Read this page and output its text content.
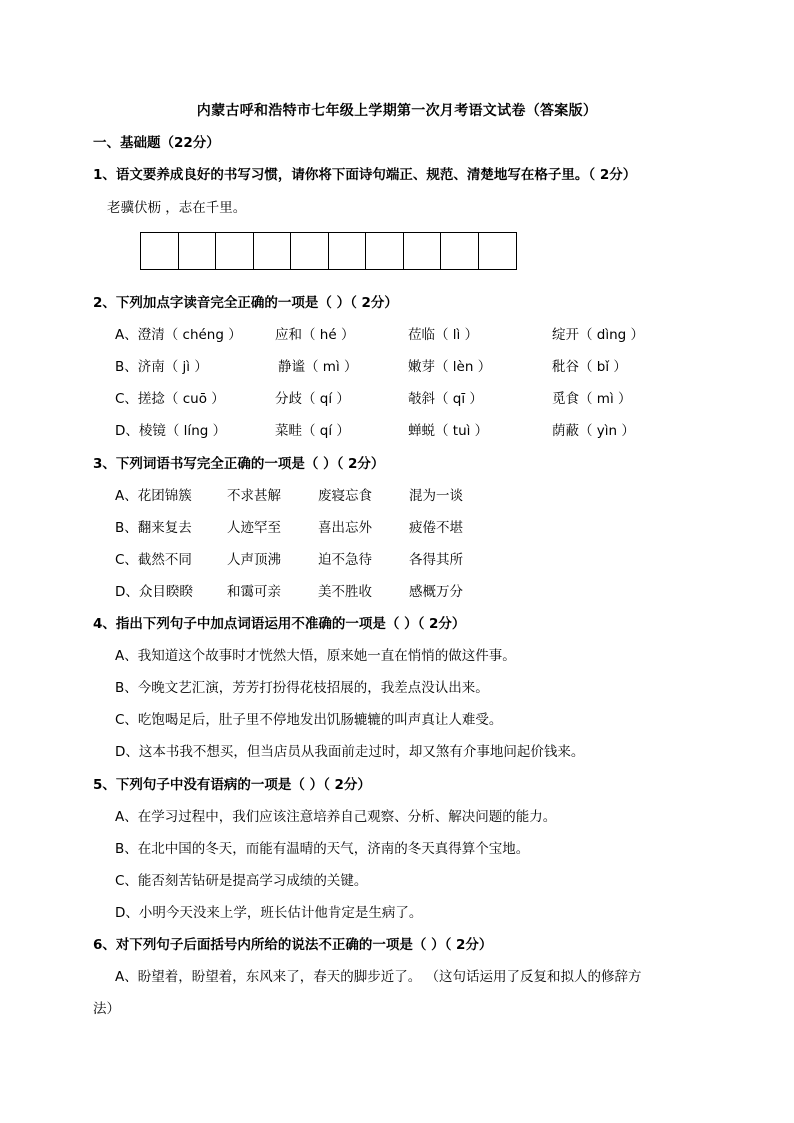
内蒙古呼和浩特市七年级上学期第一次月考语文试卷（答案版）
一、基础题（22分）
1、语文要养成良好的书写习惯，请你将下面诗句端正、规范、清楚地写在格子里。（ 2分）
老骥伏枥 ，志在千里。
2、下列加点字读音完全正确的一项是（ ）（ 2分）
A、澄清（ chéng ） 应和（ hé ）	莅临（ lì ）	绽开（ dìng ）
B、济南（ jì ）	静谧（ mì ）	嫩芽（ lèn ）	秕谷（ bǐ ）
C、搓捻（ cuō ）	分歧（ qí ）	攲斜（ qī ）	觅食（ mì ）
D、棱镜（ líng ）	菜畦（ qí ）	蝉蜕（ tuì ）	荫蔽（ yìn ）
3、下列词语书写完全正确的一项是（ ）（ 2分）
A、花团锦簇	不求甚解	废寝忘食	混为一谈
B、翻来复去	人迹罕至	喜出忘外	疲倦不堪
C、截然不同	人声顶沸	迫不急待	各得其所
D、众目睽睽	和霭可亲	美不胜收	感概万分
4、指出下列句子中加点词语运用不准确的一项是（ ）（ 2分）
A、我知道这个故事时才恍然大悟，原来她一直在悄悄的做这件事。
B、今晚文艺汇演，芳芳打扮得花枝招展的，我差点没认出来。
C、吃饱喝足后，肚子里不停地发出饥肠辘辘的叫声真让人难受。
D、这本书我不想买，但当店员从我面前走过时，却又煞有介事地问起价钱来。
5、下列句子中没有语病的一项是（ ）（ 2分）
A、在学习过程中，我们应该注意培养自己观察、分析、解决问题的能力。
B、在北中国的冬天，而能有温晴的天气，济南的冬天真得算个宝地。
C、能否刻苦钻研是提高学习成绩的关键。
D、小明今天没来上学，班长估计他肯定是生病了。
6、对下列句子后面括号内所给的说法不正确的一项是（ ）（ 2分）
A、盼望着，盼望着，东风来了，春天的脚步近了。 （这句话运用了反复和拟人的修辞方
法）
